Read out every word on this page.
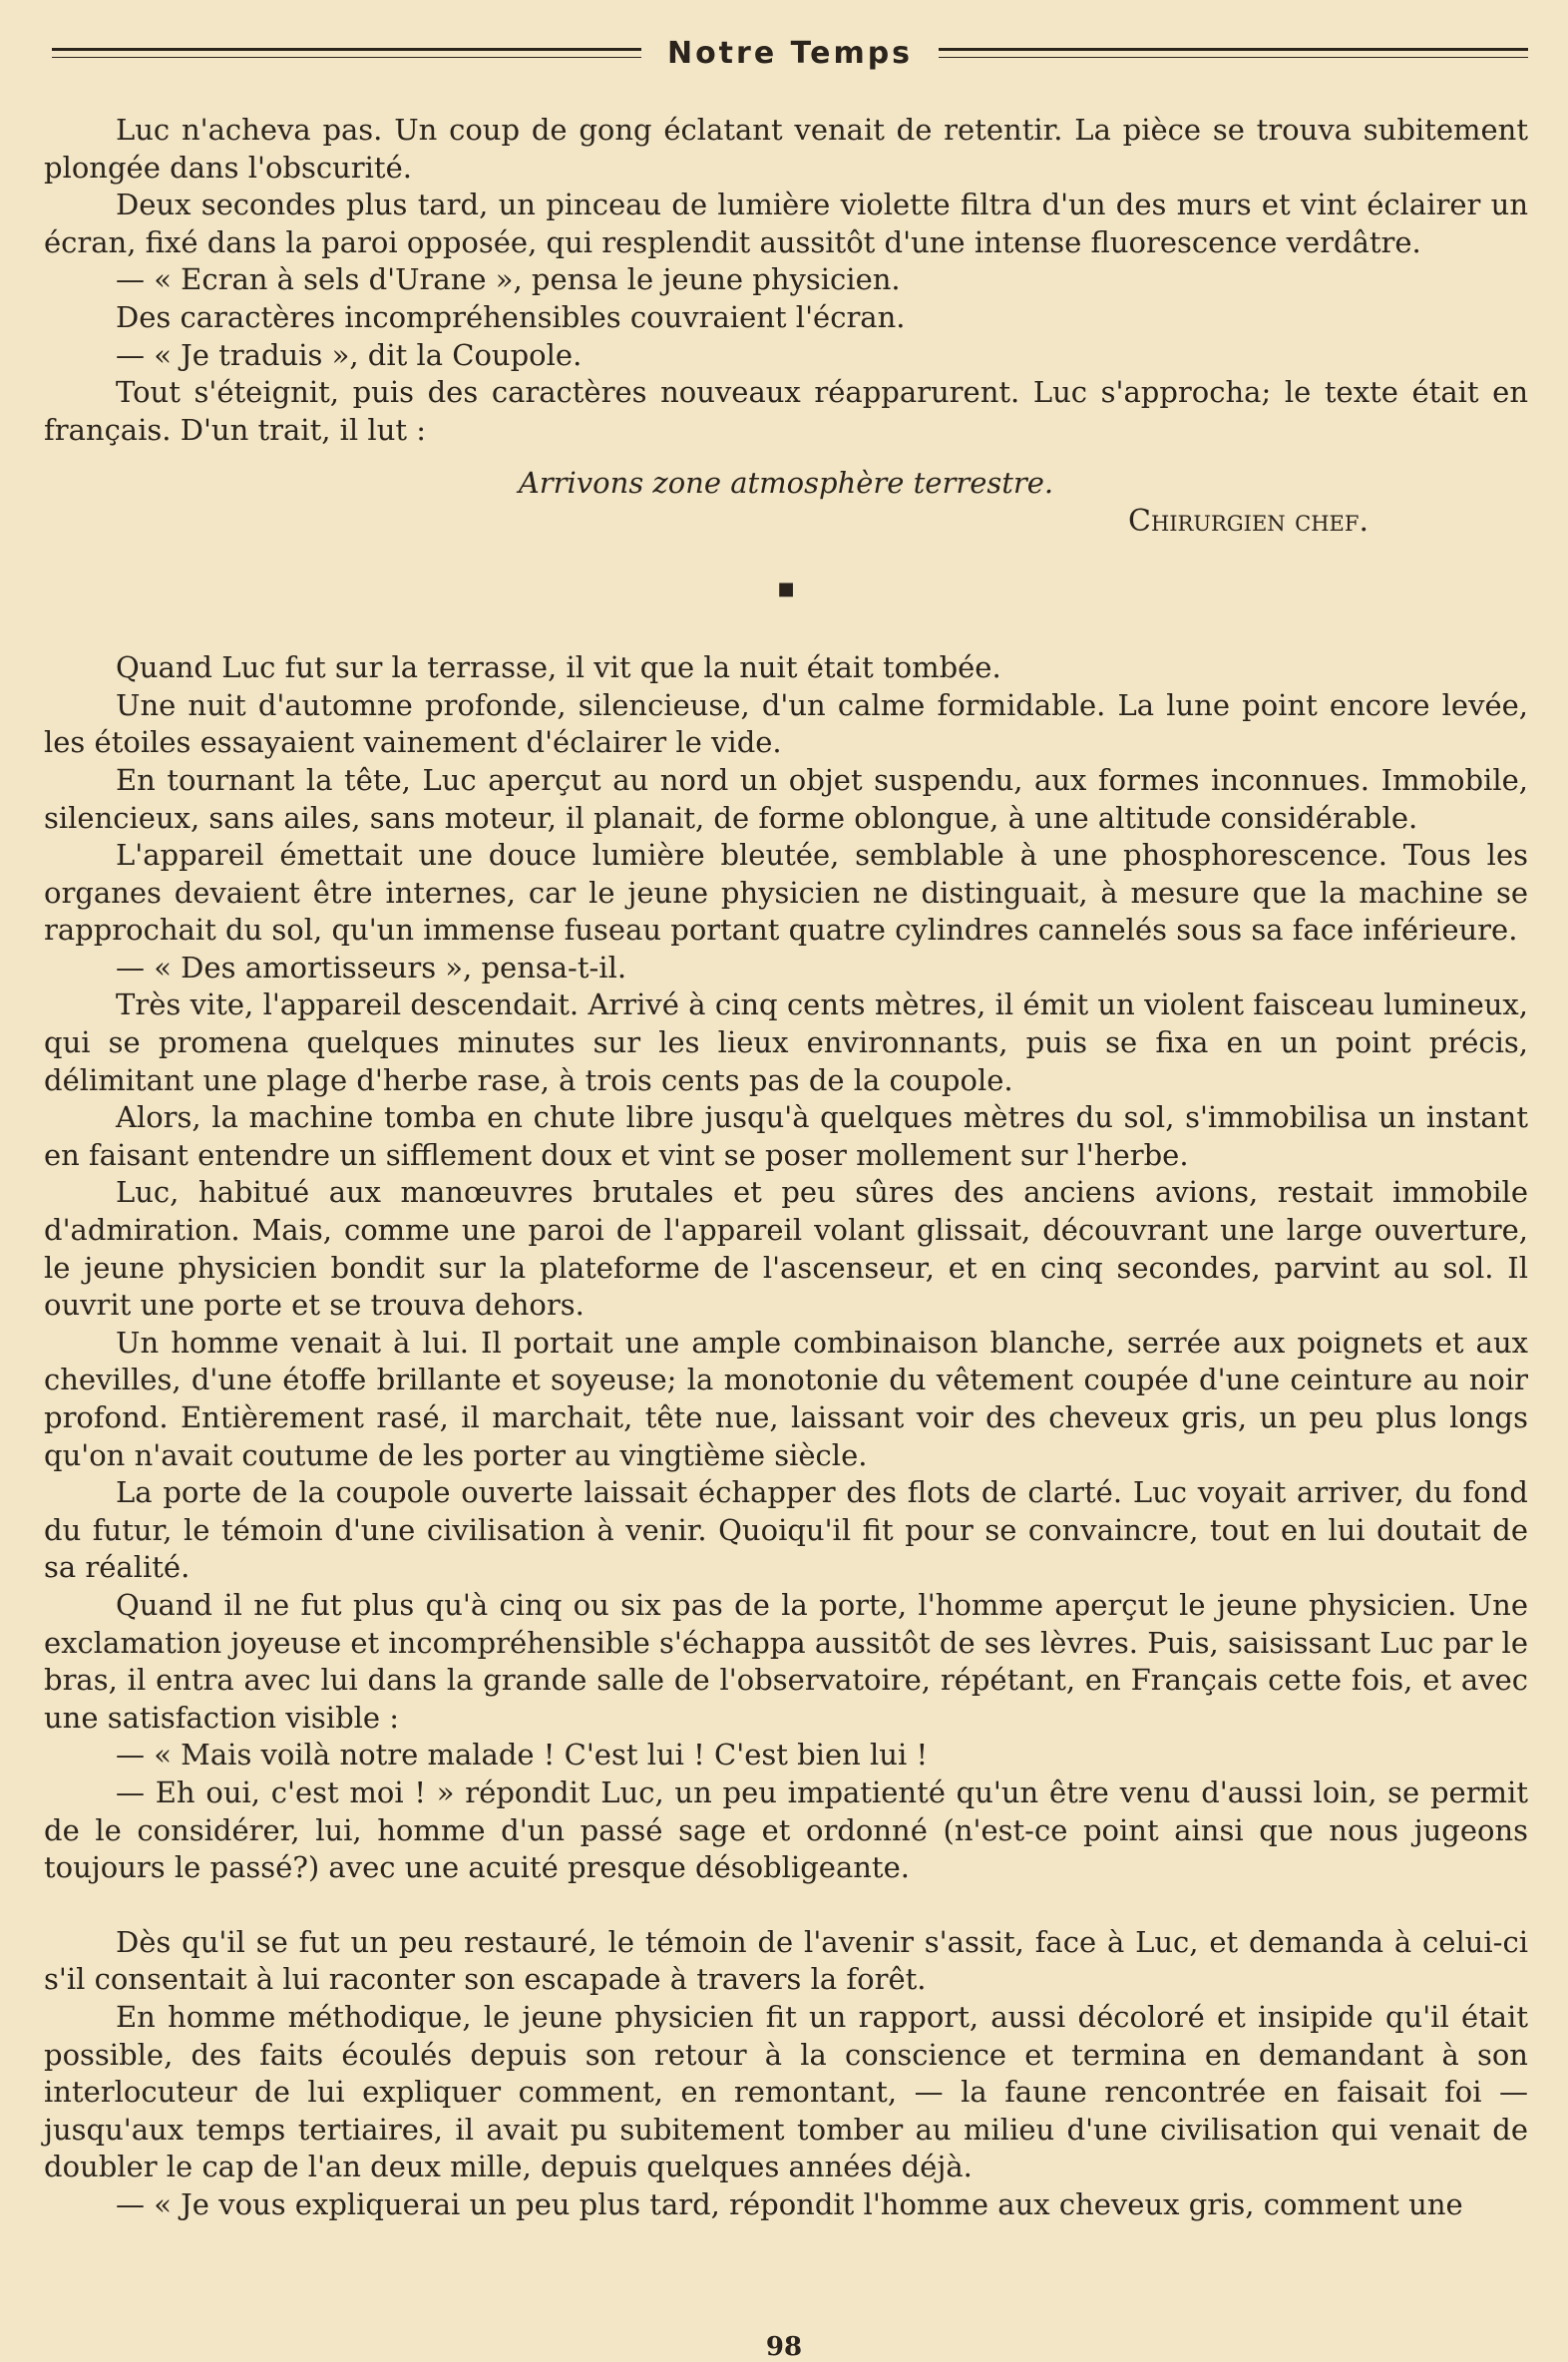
Notre Temps

Luc n'acheva pas. Un coup de gong éclatant venait de retentir. La pièce se trouva subitement plongée dans l'obscurité.

Deux secondes plus tard, un pinceau de lumière violette filtra d'un des murs et vint éclairer un écran, fixé dans la paroi opposée, qui resplendit aussitôt d'une intense fluorescence verdâtre.

— « Ecran à sels d'Urane », pensa le jeune physicien.

Des caractères incompréhensibles couvraient l'écran.

— « Je traduis », dit la Coupole.

Tout s'éteignit, puis des caractères nouveaux réapparurent. Luc s'approcha; le texte était en français. D'un trait, il lut :

Arrivons zone atmosphère terrestre.
Chirurgien chef.
■

Quand Luc fut sur la terrasse, il vit que la nuit était tombée.

Une nuit d'automne profonde, silencieuse, d'un calme formidable. La lune point encore levée, les étoiles essayaient vainement d'éclairer le vide.

En tournant la tête, Luc aperçut au nord un objet suspendu, aux formes inconnues. Immobile, silencieux, sans ailes, sans moteur, il planait, de forme oblongue, à une altitude considérable.

L'appareil émettait une douce lumière bleutée, semblable à une phosphorescence. Tous les organes devaient être internes, car le jeune physicien ne distinguait, à mesure que la machine se rapprochait du sol, qu'un immense fuseau portant quatre cylindres cannelés sous sa face inférieure.

— « Des amortisseurs », pensa-t-il.

Très vite, l'appareil descendait. Arrivé à cinq cents mètres, il émit un violent faisceau lumineux, qui se promena quelques minutes sur les lieux environnants, puis se fixa en un point précis, délimitant une plage d'herbe rase, à trois cents pas de la coupole.

Alors, la machine tomba en chute libre jusqu'à quelques mètres du sol, s'immobilisa un instant en faisant entendre un sifflement doux et vint se poser mollement sur l'herbe.

Luc, habitué aux manœuvres brutales et peu sûres des anciens avions, restait immobile d'admiration. Mais, comme une paroi de l'appareil volant glissait, découvrant une large ouverture, le jeune physicien bondit sur la plateforme de l'ascenseur, et en cinq secondes, parvint au sol. Il ouvrit une porte et se trouva dehors.

Un homme venait à lui. Il portait une ample combinaison blanche, serrée aux poignets et aux chevilles, d'une étoffe brillante et soyeuse; la monotonie du vêtement coupée d'une ceinture au noir profond. Entièrement rasé, il marchait, tête nue, laissant voir des cheveux gris, un peu plus longs qu'on n'avait coutume de les porter au vingtième siècle.

La porte de la coupole ouverte laissait échapper des flots de clarté. Luc voyait arriver, du fond du futur, le témoin d'une civilisation à venir. Quoiqu'il fit pour se convaincre, tout en lui doutait de sa réalité.

Quand il ne fut plus qu'à cinq ou six pas de la porte, l'homme aperçut le jeune physicien. Une exclamation joyeuse et incompréhensible s'échappa aussitôt de ses lèvres. Puis, saisissant Luc par le bras, il entra avec lui dans la grande salle de l'observatoire, répétant, en Français cette fois, et avec une satisfaction visible :

— « Mais voilà notre malade ! C'est lui ! C'est bien lui !

— Eh oui, c'est moi ! » répondit Luc, un peu impatienté qu'un être venu d'aussi loin, se permit de le considérer, lui, homme d'un passé sage et ordonné (n'est-ce point ainsi que nous jugeons toujours le passé?) avec une acuité presque désobligeante.

Dès qu'il se fut un peu restauré, le témoin de l'avenir s'assit, face à Luc, et demanda à celui-ci s'il consentait à lui raconter son escapade à travers la forêt.

En homme méthodique, le jeune physicien fit un rapport, aussi décoloré et insipide qu'il était possible, des faits écoulés depuis son retour à la conscience et termina en demandant à son interlocuteur de lui expliquer comment, en remontant, — la faune rencontrée en faisait foi — jusqu'aux temps tertiaires, il avait pu subitement tomber au milieu d'une civilisation qui venait de doubler le cap de l'an deux mille, depuis quelques années déjà.

— « Je vous expliquerai un peu plus tard, répondit l'homme aux cheveux gris, comment une

98
